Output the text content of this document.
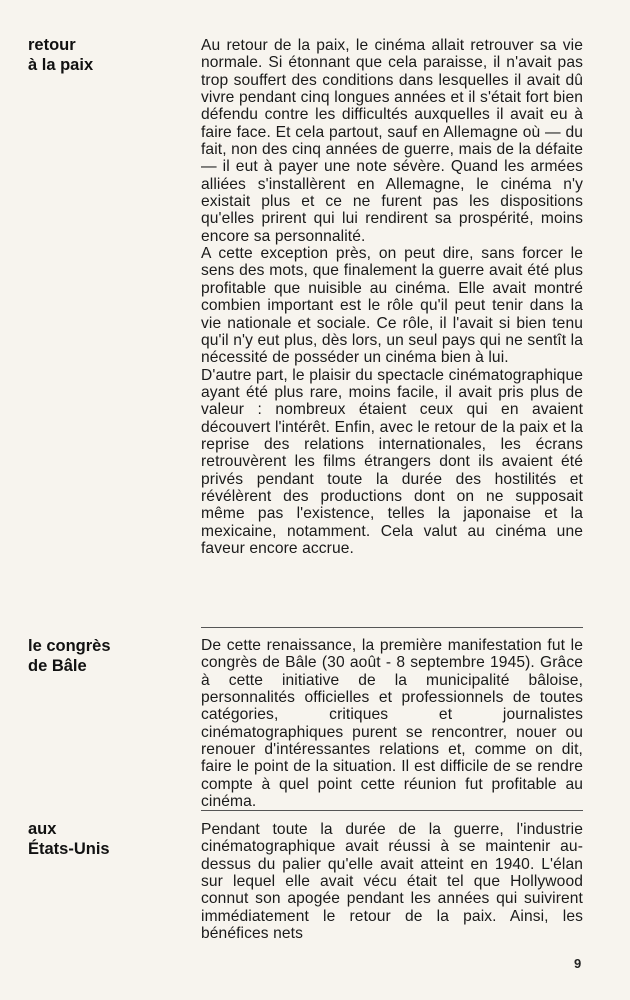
retour
à la paix

Au retour de la paix, le cinéma allait retrouver sa vie normale. Si étonnant que cela paraisse, il n'avait pas trop souffert des conditions dans lesquelles il avait dû vivre pendant cinq longues années et il s'était fort bien défendu contre les difficultés auxquelles il avait eu à faire face. Et cela partout, sauf en Allemagne où — du fait, non des cinq années de guerre, mais de la défaite — il eut à payer une note sévère. Quand les armées alliées s'installèrent en Allemagne, le cinéma n'y existait plus et ce ne furent pas les dispositions qu'elles prirent qui lui rendirent sa prospérité, moins encore sa personnalité.

A cette exception près, on peut dire, sans forcer le sens des mots, que finalement la guerre avait été plus profitable que nuisible au cinéma. Elle avait montré combien important est le rôle qu'il peut tenir dans la vie nationale et sociale. Ce rôle, il l'avait si bien tenu qu'il n'y eut plus, dès lors, un seul pays qui ne sentît la nécessité de posséder un cinéma bien à lui.

D'autre part, le plaisir du spectacle cinématographique ayant été plus rare, moins facile, il avait pris plus de valeur : nombreux étaient ceux qui en avaient découvert l'intérêt. Enfin, avec le retour de la paix et la reprise des relations internationales, les écrans retrouvèrent les films étrangers dont ils avaient été privés pendant toute la durée des hostilités et révélèrent des productions dont on ne supposait même pas l'existence, telles la japonaise et la mexicaine, notamment. Cela valut au cinéma une faveur encore accrue.

le congrès
de Bâle

De cette renaissance, la première manifestation fut le congrès de Bâle (30 août - 8 septembre 1945). Grâce à cette initiative de la municipalité bâloise, personnalités officielles et professionnels de toutes catégories, critiques et journalistes cinématographiques purent se rencontrer, nouer ou renouer d'intéressantes relations et, comme on dit, faire le point de la situation. Il est difficile de se rendre compte à quel point cette réunion fut profitable au cinéma.

aux
États-Unis

Pendant toute la durée de la guerre, l'industrie cinématographique avait réussi à se maintenir au-dessus du palier qu'elle avait atteint en 1940. L'élan sur lequel elle avait vécu était tel que Hollywood connut son apogée pendant les années qui suivirent immédiatement le retour de la paix. Ainsi, les bénéfices nets

9
